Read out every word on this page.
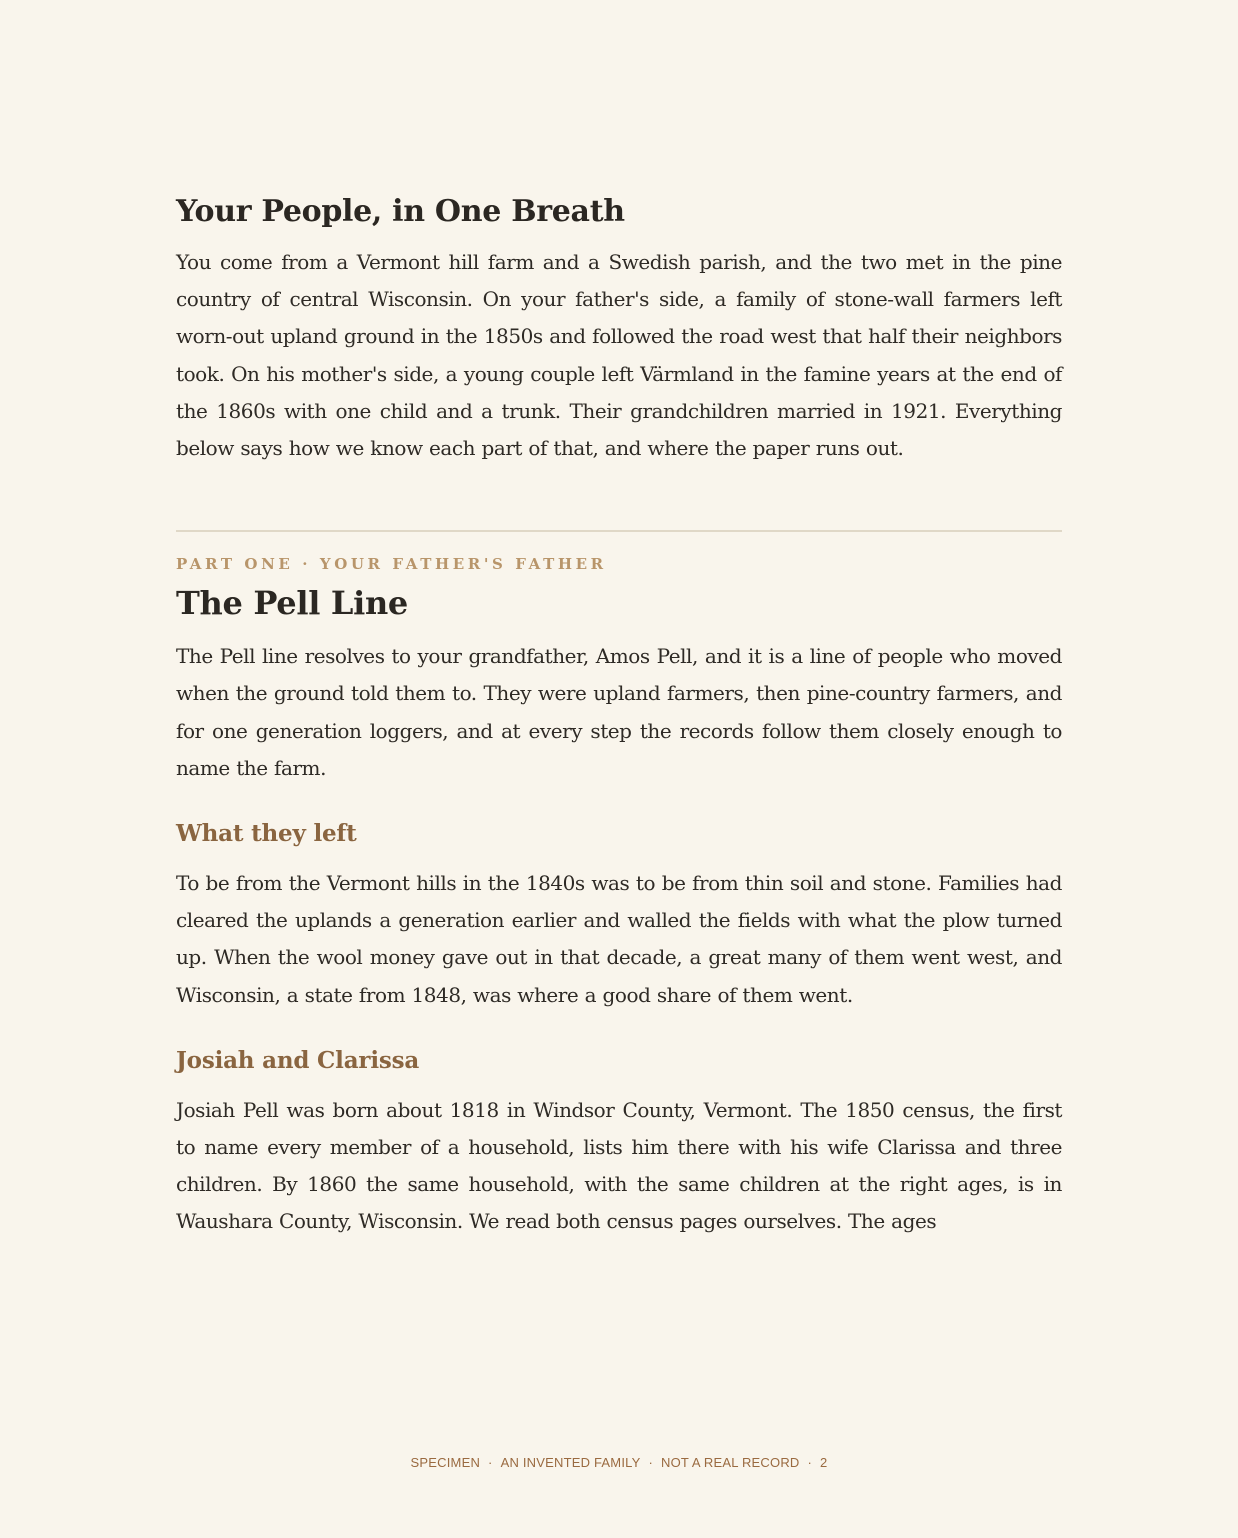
Your People, in One Breath

You come from a Vermont hill farm and a Swedish parish, and the two met in the pine country of central Wisconsin. On your father's side, a family of stone-wall farmers left worn-out upland ground in the 1850s and followed the road west that half their neighbors took. On his mother's side, a young couple left Värmland in the famine years at the end of the 1860s with one child and a trunk. Their grandchildren married in 1921. Everything below says how we know each part of that, and where the paper runs out.

PART ONE · YOUR FATHER'S FATHER
The Pell Line

The Pell line resolves to your grandfather, Amos Pell, and it is a line of people who moved when the ground told them to. They were upland farmers, then pine-country farmers, and for one generation loggers, and at every step the records follow them closely enough to name the farm.

What they left

To be from the Vermont hills in the 1840s was to be from thin soil and stone. Families had cleared the uplands a generation earlier and walled the fields with what the plow turned up. When the wool money gave out in that decade, a great many of them went west, and Wisconsin, a state from 1848, was where a good share of them went.

Josiah and Clarissa

Josiah Pell was born about 1818 in Windsor County, Vermont. The 1850 census, the first to name every member of a household, lists him there with his wife Clarissa and three children. By 1860 the same household, with the same children at the right ages, is in Waushara County, Wisconsin. We read both census pages ourselves. The ages

SPECIMEN · AN INVENTED FAMILY · NOT A REAL RECORD · 2
